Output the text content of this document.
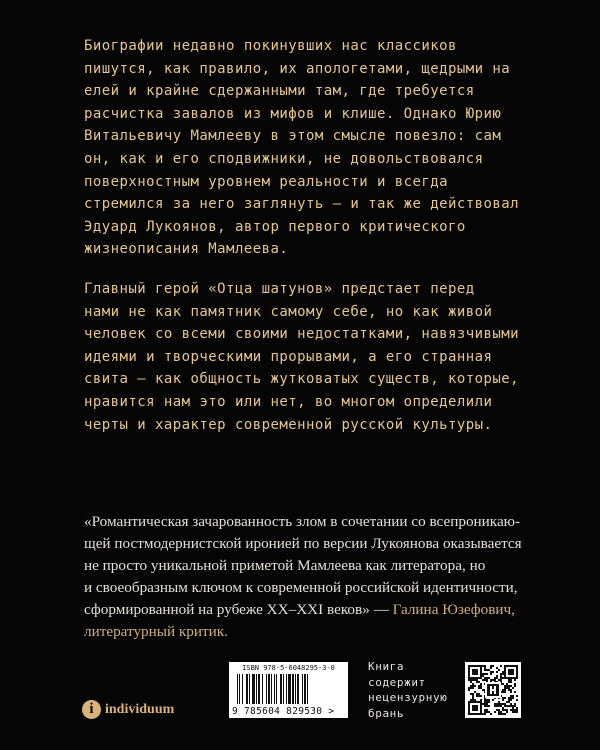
Биографии недавно покинувших нас классиков
пишутся, как правило, их апологетами, щедрыми на
елей и крайне сдержанными там, где требуется
расчистка завалов из мифов и клише. Однако Юрию
Витальевичу Мамлееву в этом смысле повезло: сам
он, как и его сподвижники, не довольствовался
поверхностным уровнем реальности и всегда
стремился за него заглянуть — и так же действовал
Эдуард Лукоянов, автор первого критического
жизнеописания Мамлеева.

Главный герой «Отца шатунов» предстает перед
нами не как памятник самому себе, но как живой
человек со всеми своими недостатками, навязчивыми
идеями и творческими прорывами, а его странная
свита — как общность жутковатых существ, которые,
нравится нам это или нет, во многом определили
черты и характер современной русской культуры.

«Романтическая зачарованность злом в сочетании со всепроникаю-
щей постмодернистской иронией по версии Лукоянова оказывается
не просто уникальной приметой Мамлеева как литератора, но
и своеобразным ключом к современной российской идентичности,
сформированной на рубеже XX–XXI веков» — Галина Юзефович,
литературный критик.
i individuum
ISBN 978-5-6048295-3-0
9 785604 829530 >
Книга
содержит
нецензурную
брань
